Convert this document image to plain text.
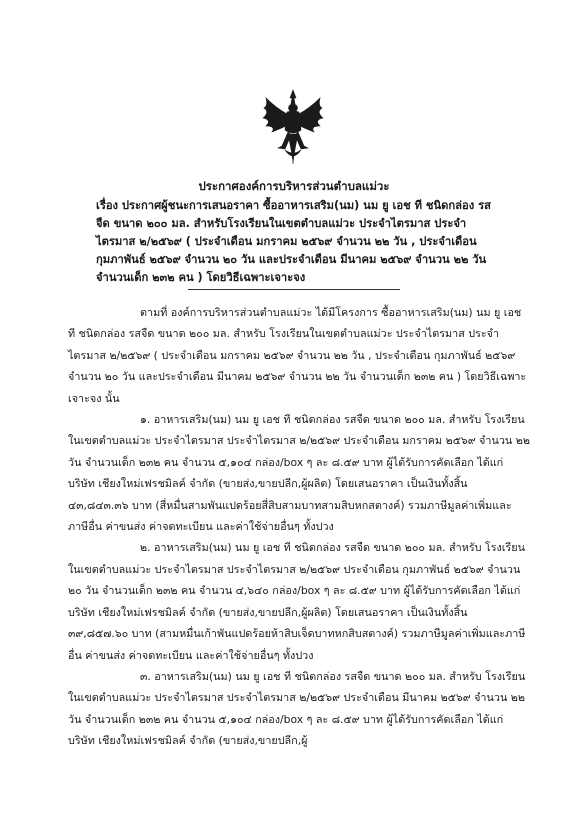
ประกาศองค์การบริหารส่วนตำบลแม่วะ
เรื่อง ประกาศผู้ชนะการเสนอราคา ซื้ออาหารเสริม(นม) นม ยู เอช ที ชนิดกล่อง รสจืด ขนาด ๒๐๐ มล. สำหรับโรงเรียนในเขตตำบลแม่วะ ประจำไตรมาส ประจำไตรมาส ๒/๒๕๖๙ ( ประจำเดือน มกราคม ๒๕๖๙ จำนวน ๒๒ วัน , ประจำเดือน กุมภาพันธ์ ๒๕๖๙ จำนวน ๒๐ วัน และประจำเดือน มีนาคม ๒๕๖๙ จำนวน ๒๒ วัน จำนวนเด็ก ๒๓๒ คน ) โดยวิธีเฉพาะเจาะจง

ตามที่ องค์การบริหารส่วนตำบลแม่วะ ได้มีโครงการ ซื้ออาหารเสริม(นม) นม ยู เอช ที ชนิดกล่อง รสจืด ขนาด ๒๐๐ มล. สำหรับ โรงเรียนในเขตตำบลแม่วะ ประจำไตรมาส ประจำไตรมาส ๒/๒๕๖๙ ( ประจำเดือน มกราคม ๒๕๖๙ จำนวน ๒๒ วัน , ประจำเดือน กุมภาพันธ์ ๒๕๖๙ จำนวน ๒๐ วัน และประจำเดือน มีนาคม ๒๕๖๙ จำนวน ๒๒ วัน จำนวนเด็ก ๒๓๒ คน ) โดยวิธีเฉพาะเจาะจง นั้น

๑. อาหารเสริม(นม) นม ยู เอช ที ชนิดกล่อง รสจืด ขนาด ๒๐๐ มล. สำหรับ โรงเรียนในเขตตำบลแม่วะ ประจำไตรมาส ประจำไตรมาส ๒/๒๕๖๙ ประจำเดือน มกราคม ๒๕๖๙ จำนวน ๒๒ วัน จำนวนเด็ก ๒๓๒ คน จำนวน ๕,๑๐๔ กล่อง/box ๆ ละ ๘.๕๙ บาท ผู้ได้รับการคัดเลือก ได้แก่ บริษัท เชียงใหม่เฟรชมิลค์ จำกัด (ขายส่ง,ขายปลีก,ผู้ผลิต) โดยเสนอราคา เป็นเงินทั้งสิ้น ๔๓,๘๔๓.๓๖ บาท (สี่หมื่นสามพันแปดร้อยสี่สิบสามบาทสามสิบหกสตางค์) รวมภาษีมูลค่าเพิ่มและภาษีอื่น ค่าขนส่ง ค่าจดทะเบียน และค่าใช้จ่ายอื่นๆ ทั้งปวง

๒. อาหารเสริม(นม) นม ยู เอช ที ชนิดกล่อง รสจืด ขนาด ๒๐๐ มล. สำหรับ โรงเรียนในเขตตำบลแม่วะ ประจำไตรมาส ประจำไตรมาส ๒/๒๕๖๙ ประจำเดือน กุมภาพันธ์ ๒๕๖๙ จำนวน ๒๐ วัน จำนวนเด็ก ๒๓๒ คน จำนวน ๔,๖๔๐ กล่อง/box ๆ ละ ๘.๕๙ บาท ผู้ได้รับการคัดเลือก ได้แก่ บริษัท เชียงใหม่เฟรชมิลค์ จำกัด (ขายส่ง,ขายปลีก,ผู้ผลิต) โดยเสนอราคา เป็นเงินทั้งสิ้น ๓๙,๘๕๗.๖๐ บาท (สามหมื่นเก้าพันแปดร้อยห้าสิบเจ็ดบาทหกสิบสตางค์) รวมภาษีมูลค่าเพิ่มและภาษีอื่น ค่าขนส่ง ค่าจดทะเบียน และค่าใช้จ่ายอื่นๆ ทั้งปวง

๓. อาหารเสริม(นม) นม ยู เอช ที ชนิดกล่อง รสจืด ขนาด ๒๐๐ มล. สำหรับ โรงเรียนในเขตตำบลแม่วะ ประจำไตรมาส ประจำไตรมาส ๒/๒๕๖๙ ประจำเดือน มีนาคม ๒๕๖๙ จำนวน ๒๒ วัน จำนวนเด็ก ๒๓๒ คน จำนวน ๕,๑๐๔ กล่อง/box ๆ ละ ๘.๕๙ บาท ผู้ได้รับการคัดเลือก ได้แก่ บริษัท เชียงใหม่เฟรชมิลค์ จำกัด (ขายส่ง,ขายปลีก,ผู้
